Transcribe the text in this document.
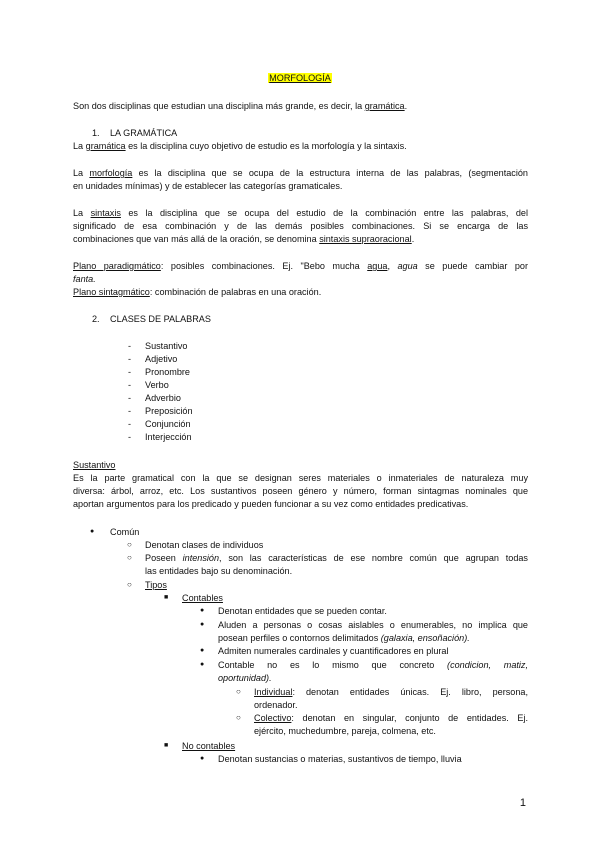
MORFOLOGÍA
Son dos disciplinas que estudian una disciplina más grande, es decir, la gramática.
1. LA GRAMÁTICA
La gramática es la disciplina cuyo objetivo de estudio es la morfología y la sintaxis.
La morfología es la disciplina que se ocupa de la estructura interna de las palabras, (segmentación
en unidades mínimas) y de establecer las categorías gramaticales.
La sintaxis es la disciplina que se ocupa del estudio de la combinación entre las palabras, del
significado de esa combinación y de las demás posibles combinaciones. Si se encarga de las
combinaciones que van más allá de la oración, se denomina sintaxis supraoracional.
Plano paradigmático: posibles combinaciones. Ej. "Bebo mucha agua, agua se puede cambiar por
fanta.
Plano sintagmático: combinación de palabras en una oración.
2. CLASES DE PALABRAS
- Sustantivo
- Adjetivo
- Pronombre
- Verbo
- Adverbio
- Preposición
- Conjunción
- Interjección
Sustantivo
Es la parte gramatical con la que se designan seres materiales o inmateriales de naturaleza muy
diversa: árbol, arroz, etc. Los sustantivos poseen género y número, forman sintagmas nominales que
aportan argumentos para los predicado y pueden funcionar a su vez como entidades predicativas.
● Común
○ Denotan clases de individuos
○ Poseen intensión, son las características de ese nombre común que agrupan todas
las entidades bajo su denominación.
○ Tipos
■ Contables
● Denotan entidades que se pueden contar.
● Aluden a personas o cosas aislables o enumerables, no implica que
posean perfiles o contornos delimitados (galaxia, ensoñación).
● Admiten numerales cardinales y cuantificadores en plural
● Contable no es lo mismo que concreto (condicion, matiz,
oportunidad).
○ Individual: denotan entidades únicas. Ej. libro, persona,
ordenador.
○ Colectivo: denotan en singular, conjunto de entidades. Ej.
ejército, muchedumbre, pareja, colmena, etc.
■ No contables
● Denotan sustancias o materias, sustantivos de tiempo, lluvia
1
